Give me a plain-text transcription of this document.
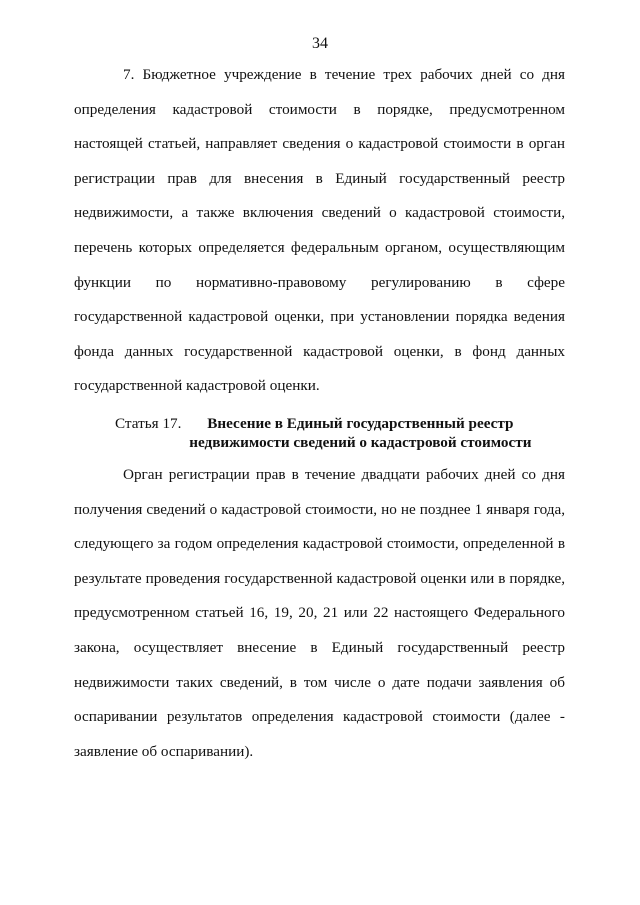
34

7. Бюджетное учреждение в течение трех рабочих дней со дня определения кадастровой стоимости в порядке, предусмотренном настоящей статьей, направляет сведения о кадастровой стоимости в орган регистрации прав для внесения в Единый государственный реестр недвижимости, а также включения сведений о кадастровой стоимости, перечень которых определяется федеральным органом, осуществляющим функции по нормативно-правовому регулированию в сфере государственной кадастровой оценки, при установлении порядка ведения фонда данных государственной кадастровой оценки, в фонд данных государственной кадастровой оценки.

Статья 17. Внесение в Единый государственный реестр
недвижимости сведений о кадастровой стоимости

Орган регистрации прав в течение двадцати рабочих дней со дня получения сведений о кадастровой стоимости, но не позднее 1 января года, следующего за годом определения кадастровой стоимости, определенной в результате проведения государственной кадастровой оценки или в порядке, предусмотренном статьей 16, 19, 20, 21 или 22 настоящего Федерального закона, осуществляет внесение в Единый государственный реестр недвижимости таких сведений, в том числе о дате подачи заявления об оспаривании результатов определения кадастровой стоимости (далее - заявление об оспаривании).
